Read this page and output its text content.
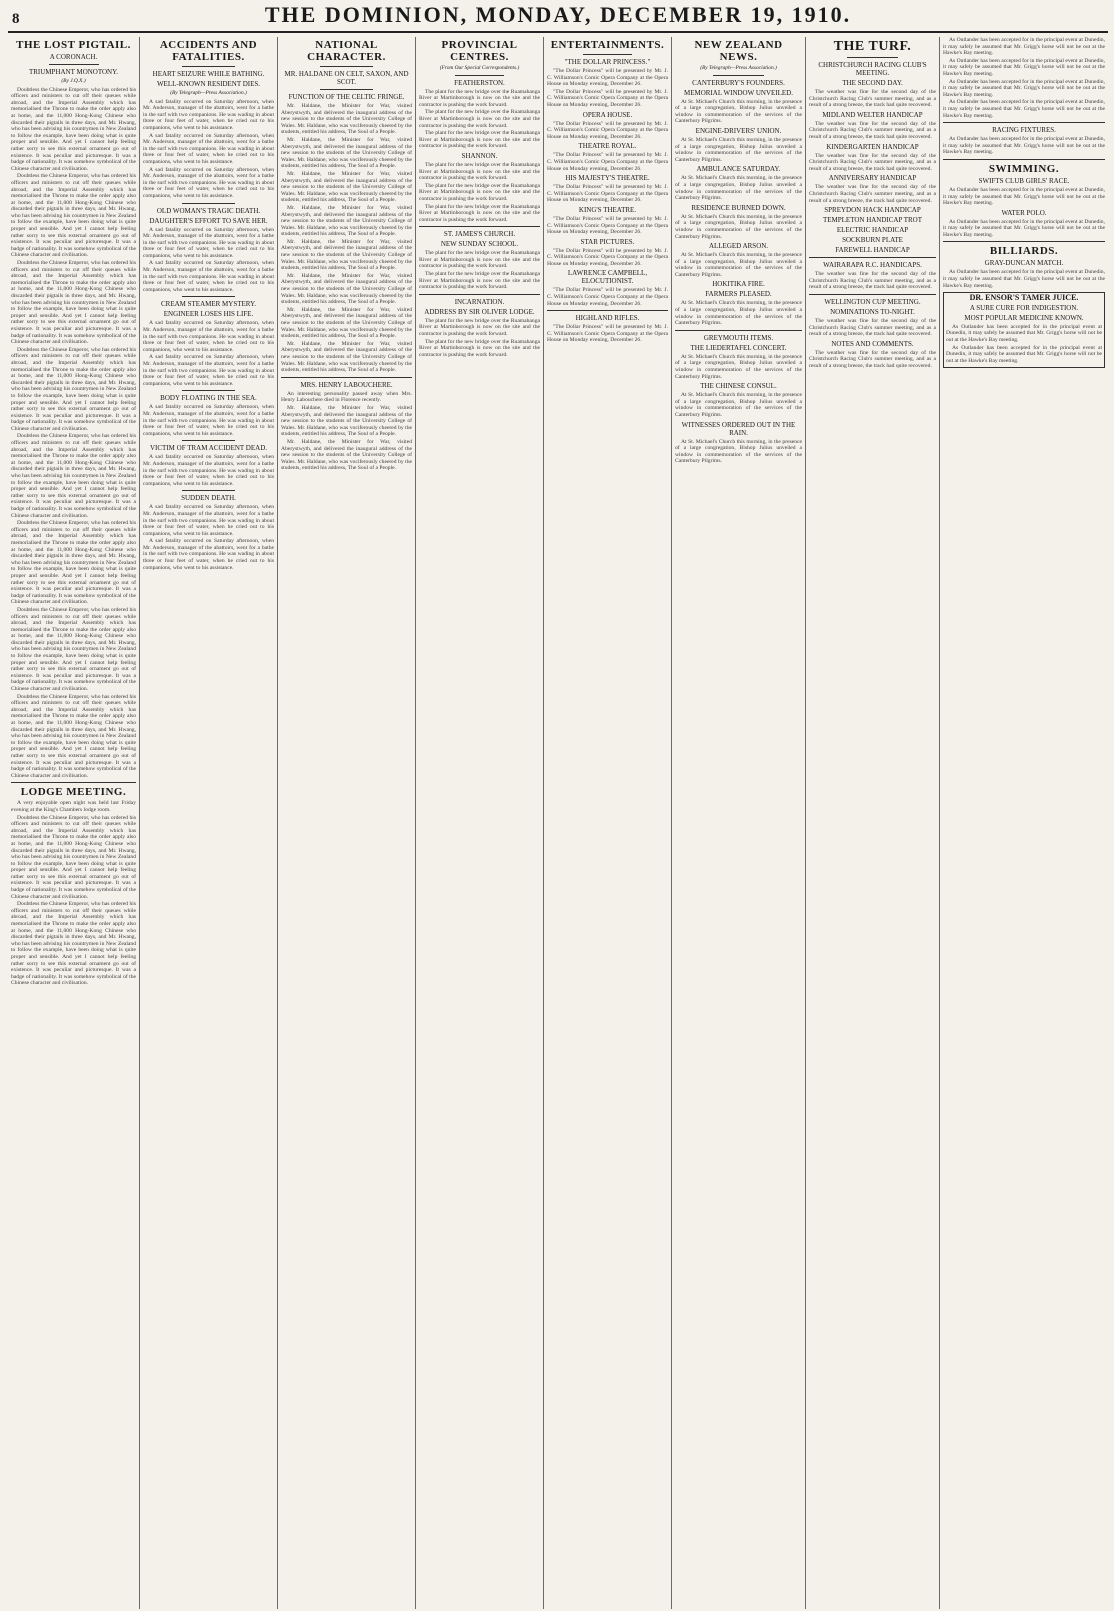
8	THE DOMINION, MONDAY, DECEMBER 19, 1910.
THE LOST PIGTAIL.
A CORONACH.
TRIUMPHANT MONOTONY.
(By J.Q.X.)
Doubtless the Chinese Emperor, who has ordered his officers and ministers to cut off their queues while abroad, and the Imperial Assembly which has memorialised the Throne to make the order apply also at home, and the 11,000 Hong-Kong Chinese who discarded their pigtails in three days, and Mr. Hwang, who has been advising his countrymen in New Zealand to follow the example, have been doing what is quite proper and sensible. And yet I cannot help feeling rather sorry to see this external ornament go out of existence. It was peculiar and picturesque. It was a badge of nationality. It was somehow symbolical of the Chinese character and civilisation.
Doubtless the Chinese Emperor, who has ordered his officers and ministers to cut off their queues while abroad, and the Imperial Assembly which has memorialised the Throne to make the order apply also at home, and the 11,000 Hong-Kong Chinese who discarded their pigtails in three days, and Mr. Hwang, who has been advising his countrymen in New Zealand to follow the example, have been doing what is quite proper and sensible. And yet I cannot help feeling rather sorry to see this external ornament go out of existence. It was peculiar and picturesque. It was a badge of nationality. It was somehow symbolical of the Chinese character and civilisation.
Doubtless the Chinese Emperor, who has ordered his officers and ministers to cut off their queues while abroad, and the Imperial Assembly which has memorialised the Throne to make the order apply also at home, and the 11,000 Hong-Kong Chinese who discarded their pigtails in three days, and Mr. Hwang, who has been advising his countrymen in New Zealand to follow the example, have been doing what is quite proper and sensible. And yet I cannot help feeling rather sorry to see this external ornament go out of existence. It was peculiar and picturesque. It was a badge of nationality. It was somehow symbolical of the Chinese character and civilisation.
Doubtless the Chinese Emperor, who has ordered his officers and ministers to cut off their queues while abroad, and the Imperial Assembly which has memorialised the Throne to make the order apply also at home, and the 11,000 Hong-Kong Chinese who discarded their pigtails in three days, and Mr. Hwang, who has been advising his countrymen in New Zealand to follow the example, have been doing what is quite proper and sensible. And yet I cannot help feeling rather sorry to see this external ornament go out of existence. It was peculiar and picturesque. It was a badge of nationality. It was somehow symbolical of the Chinese character and civilisation.
Doubtless the Chinese Emperor, who has ordered his officers and ministers to cut off their queues while abroad, and the Imperial Assembly which has memorialised the Throne to make the order apply also at home, and the 11,000 Hong-Kong Chinese who discarded their pigtails in three days, and Mr. Hwang, who has been advising his countrymen in New Zealand to follow the example, have been doing what is quite proper and sensible. And yet I cannot help feeling rather sorry to see this external ornament go out of existence. It was peculiar and picturesque. It was a badge of nationality. It was somehow symbolical of the Chinese character and civilisation.
Doubtless the Chinese Emperor, who has ordered his officers and ministers to cut off their queues while abroad, and the Imperial Assembly which has memorialised the Throne to make the order apply also at home, and the 11,000 Hong-Kong Chinese who discarded their pigtails in three days, and Mr. Hwang, who has been advising his countrymen in New Zealand to follow the example, have been doing what is quite proper and sensible. And yet I cannot help feeling rather sorry to see this external ornament go out of existence. It was peculiar and picturesque. It was a badge of nationality. It was somehow symbolical of the Chinese character and civilisation.
Doubtless the Chinese Emperor, who has ordered his officers and ministers to cut off their queues while abroad, and the Imperial Assembly which has memorialised the Throne to make the order apply also at home, and the 11,000 Hong-Kong Chinese who discarded their pigtails in three days, and Mr. Hwang, who has been advising his countrymen in New Zealand to follow the example, have been doing what is quite proper and sensible. And yet I cannot help feeling rather sorry to see this external ornament go out of existence. It was peculiar and picturesque. It was a badge of nationality. It was somehow symbolical of the Chinese character and civilisation.
Doubtless the Chinese Emperor, who has ordered his officers and ministers to cut off their queues while abroad, and the Imperial Assembly which has memorialised the Throne to make the order apply also at home, and the 11,000 Hong-Kong Chinese who discarded their pigtails in three days, and Mr. Hwang, who has been advising his countrymen in New Zealand to follow the example, have been doing what is quite proper and sensible. And yet I cannot help feeling rather sorry to see this external ornament go out of existence. It was peculiar and picturesque. It was a badge of nationality. It was somehow symbolical of the Chinese character and civilisation.
LODGE MEETING.
A very enjoyable open night was held last Friday evening at the King's Chambers lodge room.
Doubtless the Chinese Emperor, who has ordered his officers and ministers to cut off their queues while abroad, and the Imperial Assembly which has memorialised the Throne to make the order apply also at home, and the 11,000 Hong-Kong Chinese who discarded their pigtails in three days, and Mr. Hwang, who has been advising his countrymen in New Zealand to follow the example, have been doing what is quite proper and sensible. And yet I cannot help feeling rather sorry to see this external ornament go out of existence. It was peculiar and picturesque. It was a badge of nationality. It was somehow symbolical of the Chinese character and civilisation.
Doubtless the Chinese Emperor, who has ordered his officers and ministers to cut off their queues while abroad, and the Imperial Assembly which has memorialised the Throne to make the order apply also at home, and the 11,000 Hong-Kong Chinese who discarded their pigtails in three days, and Mr. Hwang, who has been advising his countrymen in New Zealand to follow the example, have been doing what is quite proper and sensible. And yet I cannot help feeling rather sorry to see this external ornament go out of existence. It was peculiar and picturesque. It was a badge of nationality. It was somehow symbolical of the Chinese character and civilisation.
ACCIDENTS AND FATALITIES.
HEART SEIZURE WHILE BATHING.
WELL-KNOWN RESIDENT DIES.
(By Telegraph—Press Association.)
A sad fatality occurred on Saturday afternoon, when Mr. Anderson, manager of the abattoirs, went for a bathe in the surf with two companions. He was wading in about three or four feet of water, when he cried out to his companions, who went to his assistance.
A sad fatality occurred on Saturday afternoon, when Mr. Anderson, manager of the abattoirs, went for a bathe in the surf with two companions. He was wading in about three or four feet of water, when he cried out to his companions, who went to his assistance.
A sad fatality occurred on Saturday afternoon, when Mr. Anderson, manager of the abattoirs, went for a bathe in the surf with two companions. He was wading in about three or four feet of water, when he cried out to his companions, who went to his assistance.
OLD WOMAN'S TRAGIC DEATH.
DAUGHTER'S EFFORT TO SAVE HER.
A sad fatality occurred on Saturday afternoon, when Mr. Anderson, manager of the abattoirs, went for a bathe in the surf with two companions. He was wading in about three or four feet of water, when he cried out to his companions, who went to his assistance.
A sad fatality occurred on Saturday afternoon, when Mr. Anderson, manager of the abattoirs, went for a bathe in the surf with two companions. He was wading in about three or four feet of water, when he cried out to his companions, who went to his assistance.
CREAM STEAMER MYSTERY.
ENGINEER LOSES HIS LIFE.
A sad fatality occurred on Saturday afternoon, when Mr. Anderson, manager of the abattoirs, went for a bathe in the surf with two companions. He was wading in about three or four feet of water, when he cried out to his companions, who went to his assistance.
A sad fatality occurred on Saturday afternoon, when Mr. Anderson, manager of the abattoirs, went for a bathe in the surf with two companions. He was wading in about three or four feet of water, when he cried out to his companions, who went to his assistance.
BODY FLOATING IN THE SEA.
A sad fatality occurred on Saturday afternoon, when Mr. Anderson, manager of the abattoirs, went for a bathe in the surf with two companions. He was wading in about three or four feet of water, when he cried out to his companions, who went to his assistance.
VICTIM OF TRAM ACCIDENT DEAD.
A sad fatality occurred on Saturday afternoon, when Mr. Anderson, manager of the abattoirs, went for a bathe in the surf with two companions. He was wading in about three or four feet of water, when he cried out to his companions, who went to his assistance.
SUDDEN DEATH.
A sad fatality occurred on Saturday afternoon, when Mr. Anderson, manager of the abattoirs, went for a bathe in the surf with two companions. He was wading in about three or four feet of water, when he cried out to his companions, who went to his assistance.
A sad fatality occurred on Saturday afternoon, when Mr. Anderson, manager of the abattoirs, went for a bathe in the surf with two companions. He was wading in about three or four feet of water, when he cried out to his companions, who went to his assistance.
NATIONAL CHARACTER.
MR. HALDANE ON CELT, SAXON, AND SCOT.
FUNCTION OF THE CELTIC FRINGE.
Mr. Haldane, the Minister for War, visited Aberystwyth, and delivered the inaugural address of the new session to the students of the University College of Wales. Mr. Haldane, who was vociferously cheered by the students, entitled his address, The Soul of a People.
Mr. Haldane, the Minister for War, visited Aberystwyth, and delivered the inaugural address of the new session to the students of the University College of Wales. Mr. Haldane, who was vociferously cheered by the students, entitled his address, The Soul of a People.
Mr. Haldane, the Minister for War, visited Aberystwyth, and delivered the inaugural address of the new session to the students of the University College of Wales. Mr. Haldane, who was vociferously cheered by the students, entitled his address, The Soul of a People.
Mr. Haldane, the Minister for War, visited Aberystwyth, and delivered the inaugural address of the new session to the students of the University College of Wales. Mr. Haldane, who was vociferously cheered by the students, entitled his address, The Soul of a People.
Mr. Haldane, the Minister for War, visited Aberystwyth, and delivered the inaugural address of the new session to the students of the University College of Wales. Mr. Haldane, who was vociferously cheered by the students, entitled his address, The Soul of a People.
Mr. Haldane, the Minister for War, visited Aberystwyth, and delivered the inaugural address of the new session to the students of the University College of Wales. Mr. Haldane, who was vociferously cheered by the students, entitled his address, The Soul of a People.
Mr. Haldane, the Minister for War, visited Aberystwyth, and delivered the inaugural address of the new session to the students of the University College of Wales. Mr. Haldane, who was vociferously cheered by the students, entitled his address, The Soul of a People.
Mr. Haldane, the Minister for War, visited Aberystwyth, and delivered the inaugural address of the new session to the students of the University College of Wales. Mr. Haldane, who was vociferously cheered by the students, entitled his address, The Soul of a People.
MRS. HENRY LABOUCHERE.
An interesting personality passed away when Mrs. Henry Labouchere died in Florence recently.
Mr. Haldane, the Minister for War, visited Aberystwyth, and delivered the inaugural address of the new session to the students of the University College of Wales. Mr. Haldane, who was vociferously cheered by the students, entitled his address, The Soul of a People.
Mr. Haldane, the Minister for War, visited Aberystwyth, and delivered the inaugural address of the new session to the students of the University College of Wales. Mr. Haldane, who was vociferously cheered by the students, entitled his address, The Soul of a People.
PROVINCIAL CENTRES.
(From Our Special Correspondents.)
FEATHERSTON.
The plant for the new bridge over the Ruamahanga River at Martinborough is now on the site and the contractor is pushing the work forward.
The plant for the new bridge over the Ruamahanga River at Martinborough is now on the site and the contractor is pushing the work forward.
The plant for the new bridge over the Ruamahanga River at Martinborough is now on the site and the contractor is pushing the work forward.
SHANNON.
The plant for the new bridge over the Ruamahanga River at Martinborough is now on the site and the contractor is pushing the work forward.
The plant for the new bridge over the Ruamahanga River at Martinborough is now on the site and the contractor is pushing the work forward.
The plant for the new bridge over the Ruamahanga River at Martinborough is now on the site and the contractor is pushing the work forward.
ST. JAMES'S CHURCH.
NEW SUNDAY SCHOOL.
The plant for the new bridge over the Ruamahanga River at Martinborough is now on the site and the contractor is pushing the work forward.
The plant for the new bridge over the Ruamahanga River at Martinborough is now on the site and the contractor is pushing the work forward.
INCARNATION.
ADDRESS BY SIR OLIVER LODGE.
The plant for the new bridge over the Ruamahanga River at Martinborough is now on the site and the contractor is pushing the work forward.
The plant for the new bridge over the Ruamahanga River at Martinborough is now on the site and the contractor is pushing the work forward.
ENTERTAINMENTS.
"THE DOLLAR PRINCESS."
"The Dollar Princess" will be presented by Mr. J. C. Williamson's Comic Opera Company at the Opera House on Monday evening, December 26.
"The Dollar Princess" will be presented by Mr. J. C. Williamson's Comic Opera Company at the Opera House on Monday evening, December 26.
OPERA HOUSE.
"The Dollar Princess" will be presented by Mr. J. C. Williamson's Comic Opera Company at the Opera House on Monday evening, December 26.
THEATRE ROYAL.
"The Dollar Princess" will be presented by Mr. J. C. Williamson's Comic Opera Company at the Opera House on Monday evening, December 26.
HIS MAJESTY'S THEATRE.
"The Dollar Princess" will be presented by Mr. J. C. Williamson's Comic Opera Company at the Opera House on Monday evening, December 26.
KING'S THEATRE.
"The Dollar Princess" will be presented by Mr. J. C. Williamson's Comic Opera Company at the Opera House on Monday evening, December 26.
STAR PICTURES.
"The Dollar Princess" will be presented by Mr. J. C. Williamson's Comic Opera Company at the Opera House on Monday evening, December 26.
LAWRENCE CAMPBELL, ELOCUTIONIST.
"The Dollar Princess" will be presented by Mr. J. C. Williamson's Comic Opera Company at the Opera House on Monday evening, December 26.
HIGHLAND RIFLES.
"The Dollar Princess" will be presented by Mr. J. C. Williamson's Comic Opera Company at the Opera House on Monday evening, December 26.
NEW ZEALAND NEWS.
(By Telegraph—Press Association.)
CANTERBURY'S FOUNDERS.
MEMORIAL WINDOW UNVEILED.
At St. Michael's Church this morning, in the presence of a large congregation, Bishop Julius unveiled a window in commemoration of the services of the Canterbury Pilgrims.
ENGINE-DRIVERS' UNION.
At St. Michael's Church this morning, in the presence of a large congregation, Bishop Julius unveiled a window in commemoration of the services of the Canterbury Pilgrims.
AMBULANCE SATURDAY.
At St. Michael's Church this morning, in the presence of a large congregation, Bishop Julius unveiled a window in commemoration of the services of the Canterbury Pilgrims.
RESIDENCE BURNED DOWN.
At St. Michael's Church this morning, in the presence of a large congregation, Bishop Julius unveiled a window in commemoration of the services of the Canterbury Pilgrims.
ALLEGED ARSON.
At St. Michael's Church this morning, in the presence of a large congregation, Bishop Julius unveiled a window in commemoration of the services of the Canterbury Pilgrims.
HOKITIKA FIRE.
FARMERS PLEASED.
At St. Michael's Church this morning, in the presence of a large congregation, Bishop Julius unveiled a window in commemoration of the services of the Canterbury Pilgrims.
GREYMOUTH ITEMS.
THE LIEDERTAFEL CONCERT.
At St. Michael's Church this morning, in the presence of a large congregation, Bishop Julius unveiled a window in commemoration of the services of the Canterbury Pilgrims.
THE CHINESE CONSUL.
At St. Michael's Church this morning, in the presence of a large congregation, Bishop Julius unveiled a window in commemoration of the services of the Canterbury Pilgrims.
WITNESSES ORDERED OUT IN THE RAIN.
At St. Michael's Church this morning, in the presence of a large congregation, Bishop Julius unveiled a window in commemoration of the services of the Canterbury Pilgrims.
THE TURF.
CHRISTCHURCH RACING CLUB'S MEETING.
THE SECOND DAY.
The weather was fine for the second day of the Christchurch Racing Club's summer meeting, and as a result of a strong breeze, the track had quite recovered.
MIDLAND WELTER HANDICAP
The weather was fine for the second day of the Christchurch Racing Club's summer meeting, and as a result of a strong breeze, the track had quite recovered.
KINDERGARTEN HANDICAP
The weather was fine for the second day of the Christchurch Racing Club's summer meeting, and as a result of a strong breeze, the track had quite recovered.
ANNIVERSARY HANDICAP
The weather was fine for the second day of the Christchurch Racing Club's summer meeting, and as a result of a strong breeze, the track had quite recovered.
SPREYDON HACK HANDICAP
TEMPLETON HANDICAP TROT
ELECTRIC HANDICAP
SOCKBURN PLATE
FAREWELL HANDICAP
WAIRARAPA R.C. HANDICAPS.
The weather was fine for the second day of the Christchurch Racing Club's summer meeting, and as a result of a strong breeze, the track had quite recovered.
WELLINGTON CUP MEETING.
NOMINATIONS TO-NIGHT.
The weather was fine for the second day of the Christchurch Racing Club's summer meeting, and as a result of a strong breeze, the track had quite recovered.
NOTES AND COMMENTS.
The weather was fine for the second day of the Christchurch Racing Club's summer meeting, and as a result of a strong breeze, the track had quite recovered.
As Outlander has been accepted for in the principal event at Dunedin, it may safely be assumed that Mr. Grigg's horse will not be out at the Hawke's Bay meeting.
As Outlander has been accepted for in the principal event at Dunedin, it may safely be assumed that Mr. Grigg's horse will not be out at the Hawke's Bay meeting.
As Outlander has been accepted for in the principal event at Dunedin, it may safely be assumed that Mr. Grigg's horse will not be out at the Hawke's Bay meeting.
As Outlander has been accepted for in the principal event at Dunedin, it may safely be assumed that Mr. Grigg's horse will not be out at the Hawke's Bay meeting.
RACING FIXTURES.
As Outlander has been accepted for in the principal event at Dunedin, it may safely be assumed that Mr. Grigg's horse will not be out at the Hawke's Bay meeting.
SWIMMING.
SWIFTS CLUB GIRLS' RACE.
As Outlander has been accepted for in the principal event at Dunedin, it may safely be assumed that Mr. Grigg's horse will not be out at the Hawke's Bay meeting.
WATER POLO.
As Outlander has been accepted for in the principal event at Dunedin, it may safely be assumed that Mr. Grigg's horse will not be out at the Hawke's Bay meeting.
BILLIARDS.
GRAY-DUNCAN MATCH.
As Outlander has been accepted for in the principal event at Dunedin, it may safely be assumed that Mr. Grigg's horse will not be out at the Hawke's Bay meeting.
DR. ENSOR'S TAMER JUICE.
A SURE CURE FOR INDIGESTION.
MOST POPULAR MEDICINE KNOWN.
As Outlander has been accepted for in the principal event at Dunedin, it may safely be assumed that Mr. Grigg's horse will not be out at the Hawke's Bay meeting.
As Outlander has been accepted for in the principal event at Dunedin, it may safely be assumed that Mr. Grigg's horse will not be out at the Hawke's Bay meeting.
